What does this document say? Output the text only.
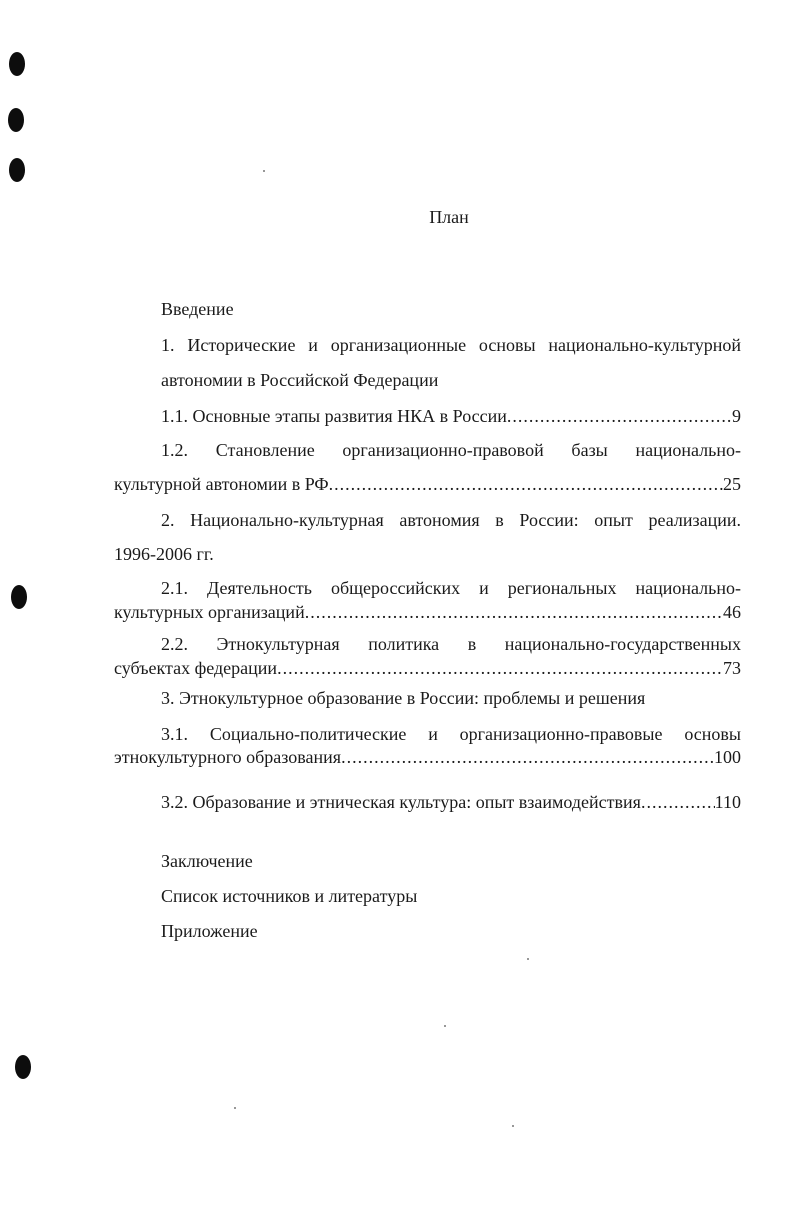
План
Введение
1. Исторические и организационные основы национально-культурной
автономии в Российской Федерации
1.1. Основные этапы развития НКА в России .....	9
1.2. Становление организационно-правовой базы национально-
культурной автономии в РФ .....	25
2. Национально-культурная автономия в России: опыт реализации.
1996-2006 гг.
2.1. Деятельность общероссийских и региональных национально-
культурных организаций .....	46
2.2. Этнокультурная политика в национально-государственных
субъектах федерации .....	73
3. Этнокультурное образование в России: проблемы и решения
3.1. Социально-политические и организационно-правовые основы
этнокультурного образования .....	100
3.2. Образование и этническая культура: опыт взаимодействия .....	110
Заключение
Список источников и литературы
Приложение
